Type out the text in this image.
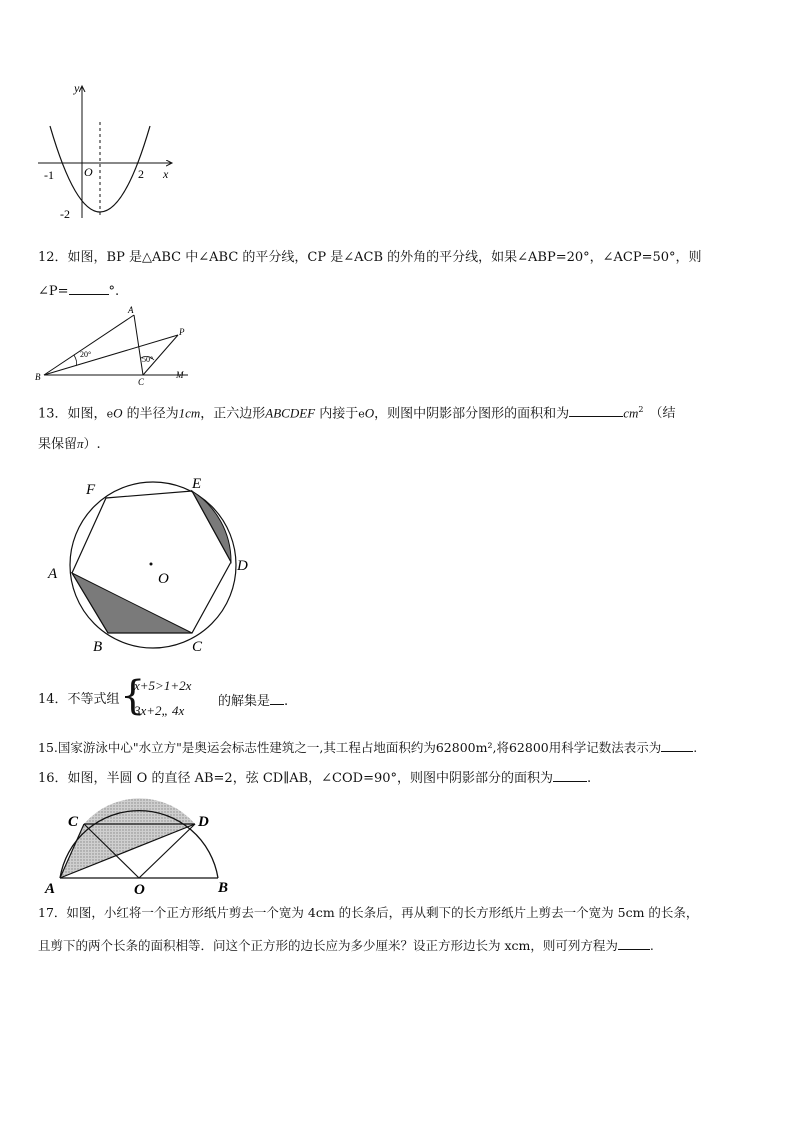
y
x
-1	O	2
-2
12．如图，BP 是△ABC 中∠ABC 的平分线，CP 是∠ACB 的外角的平分线，如果∠ABP=20°，∠ACP=50°，则
∠P=	°.
A
P
B	C
M
20°
50°
13．如图，eO 的半径为1cm，正六边形ABCDEF 内接于eO，则图中阴影部分图形的面积和为	$cm^2$ （结
果保留π）.
O
A
B	C
D
E
F
14．不等式组 {
x+5>1+2x
3x+2„ 4x
的解集是 .
15.国家游泳中心"水立方"是奥运会标志性建筑之一,其工程占地面积约为62800m²,将62800用科学记数法表示为	.
16．如图，半圆 O 的直径 AB=2，弦 CD∥AB，∠COD=90°，则图中阴影部分的面积为	.
C	D
A	O	B
17．如图，小红将一个正方形纸片剪去一个宽为 4cm 的长条后，再从剩下的长方形纸片上剪去一个宽为 5cm 的长条，
且剪下的两个长条的面积相等．问这个正方形的边长应为多少厘米？设正方形边长为 xcm，则可列方程为	.
